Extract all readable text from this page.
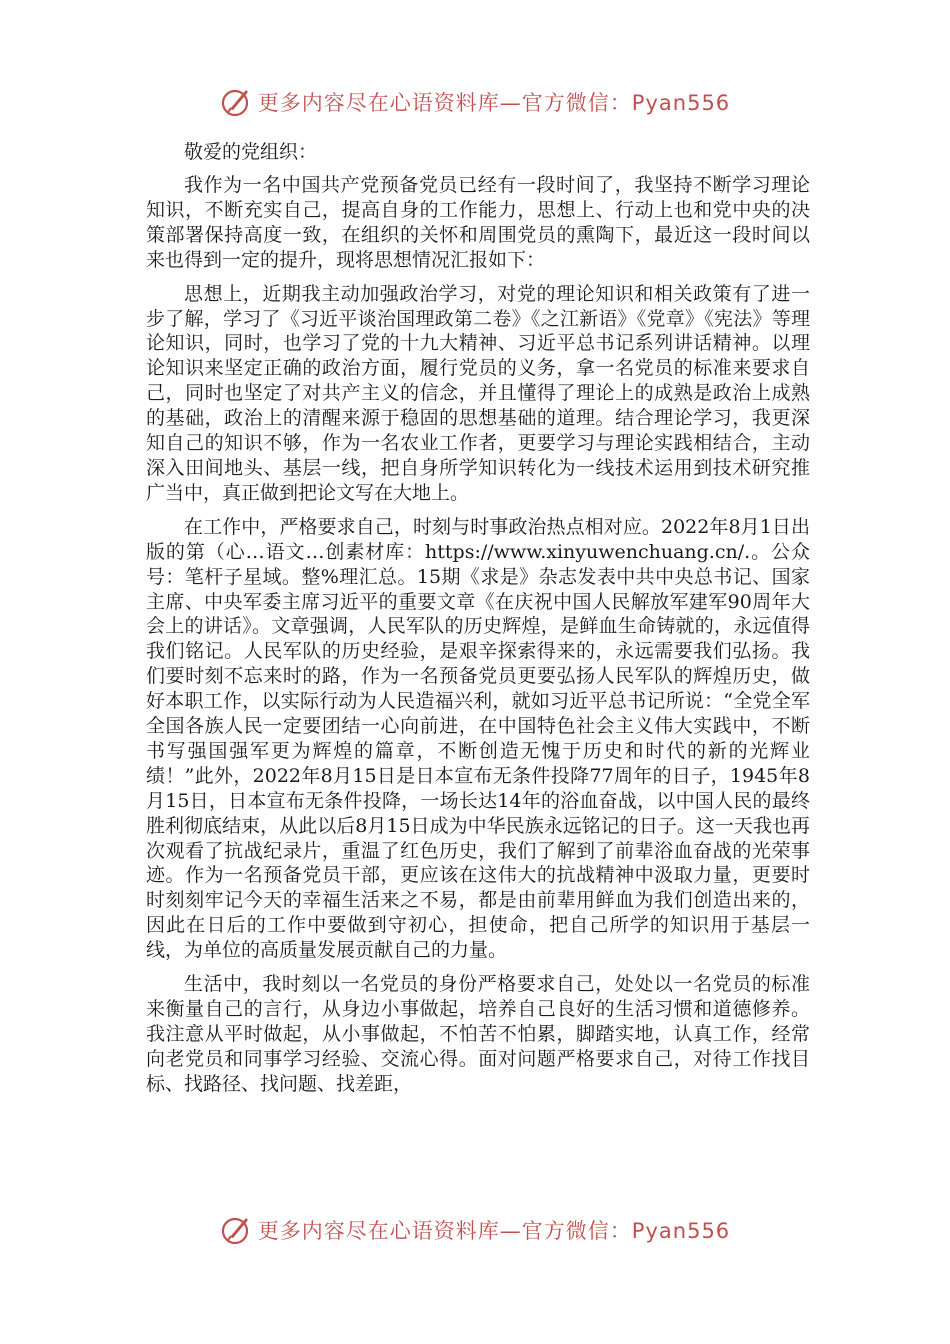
更多内容尽在心语资料库—官方微信：Pyan556

敬爱的党组织：

我作为一名中国共产党预备党员已经有一段时间了，我坚持不断学习理论知识，不断充实自己，提高自身的工作能力，思想上、行动上也和党中央的决策部署保持高度一致，在组织的关怀和周围党员的熏陶下，最近这一段时间以来也得到一定的提升，现将思想情况汇报如下：

思想上，近期我主动加强政治学习，对党的理论知识和相关政策有了进一步了解，学习了《习近平谈治国理政第二卷》《之江新语》《党章》《宪法》等理论知识，同时，也学习了党的十九大精神、习近平总书记系列讲话精神。以理论知识来坚定正确的政治方面，履行党员的义务，拿一名党员的标准来要求自己，同时也坚定了对共产主义的信念，并且懂得了理论上的成熟是政治上成熟的基础，政治上的清醒来源于稳固的思想基础的道理。结合理论学习，我更深知自己的知识不够，作为一名农业工作者，更要学习与理论实践相结合，主动深入田间地头、基层一线，把自身所学知识转化为一线技术运用到技术研究推广当中，真正做到把论文写在大地上。

在工作中，严格要求自己，时刻与时事政治热点相对应。2022年8月1日出版的第（心…语文…创素材库：https://www.xinyuwenchuang.cn/.。公众号：笔杆子星域。整%理汇总。15期《求是》杂志发表中共中央总书记、国家主席、中央军委主席习近平的重要文章《在庆祝中国人民解放军建军90周年大会上的讲话》。文章强调，人民军队的历史辉煌，是鲜血生命铸就的，永远值得我们铭记。人民军队的历史经验，是艰辛探索得来的，永远需要我们弘扬。我们要时刻不忘来时的路，作为一名预备党员更要弘扬人民军队的辉煌历史，做好本职工作，以实际行动为人民造福兴利，就如习近平总书记所说：“全党全军全国各族人民一定要团结一心向前进，在中国特色社会主义伟大实践中，不断书写强国强军更为辉煌的篇章，不断创造无愧于历史和时代的新的光辉业绩！”此外，2022年8月15日是日本宣布无条件投降77周年的日子，1945年8月15日，日本宣布无条件投降，一场长达14年的浴血奋战，以中国人民的最终胜利彻底结束，从此以后8月15日成为中华民族永远铭记的日子。这一天我也再次观看了抗战纪录片，重温了红色历史，我们了解到了前辈浴血奋战的光荣事迹。作为一名预备党员干部，更应该在这伟大的抗战精神中汲取力量，更要时时刻刻牢记今天的幸福生活来之不易，都是由前辈用鲜血为我们创造出来的，因此在日后的工作中要做到守初心，担使命，把自己所学的知识用于基层一线，为单位的高质量发展贡献自己的力量。

生活中，我时刻以一名党员的身份严格要求自己，处处以一名党员的标准来衡量自己的言行，从身边小事做起，培养自己良好的生活习惯和道德修养。我注意从平时做起，从小事做起，不怕苦不怕累，脚踏实地，认真工作，经常向老党员和同事学习经验、交流心得。面对问题严格要求自己，对待工作找目标、找路径、找问题、找差距，

更多内容尽在心语资料库—官方微信：Pyan556
